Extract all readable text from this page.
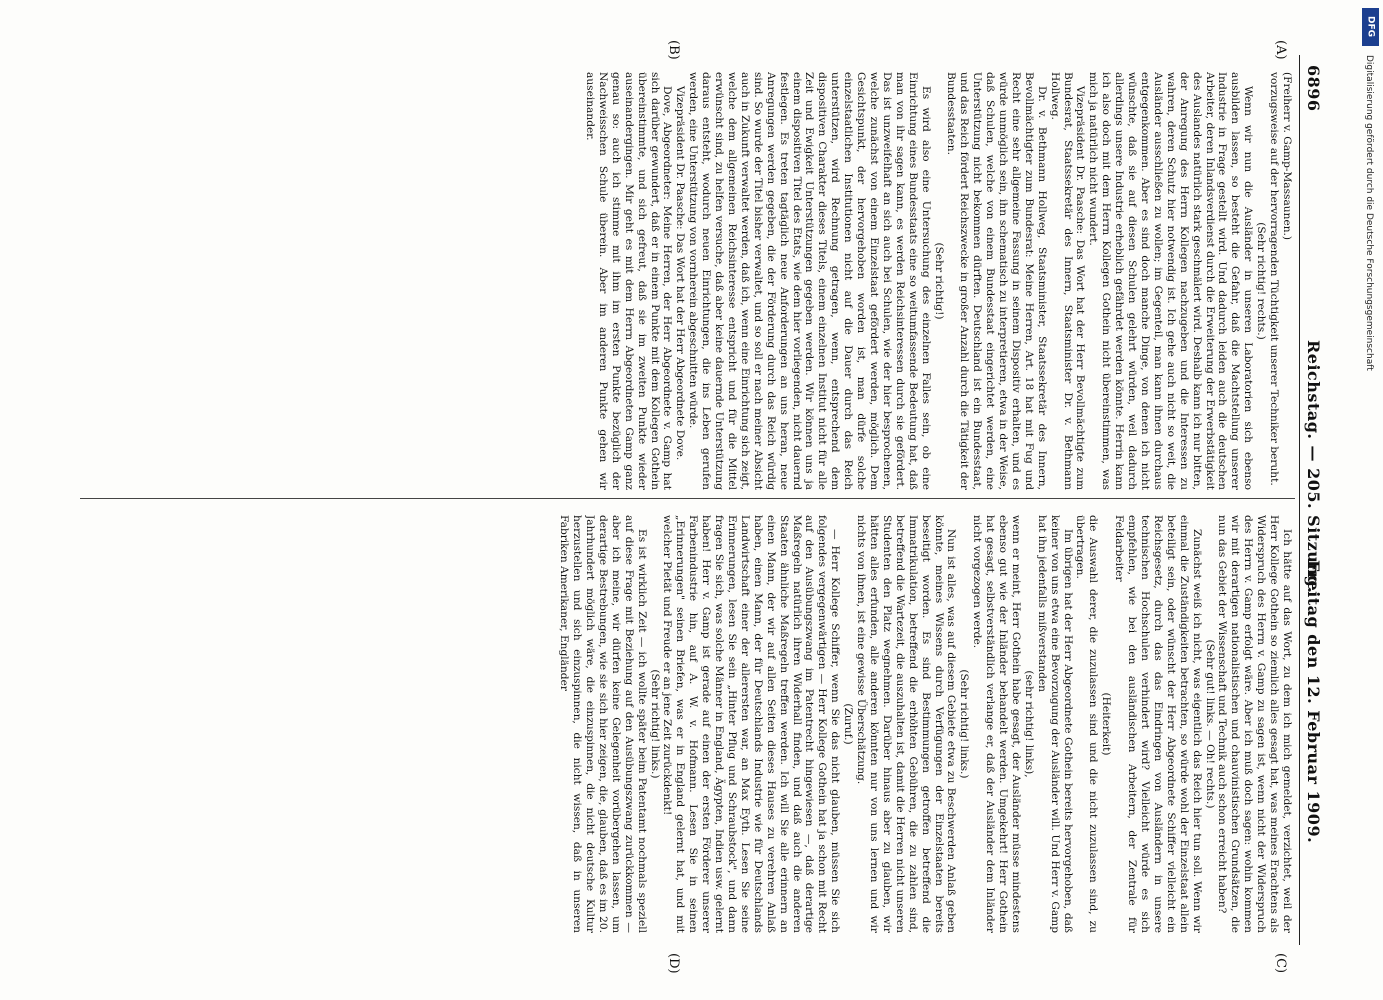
6896
Reichstag. — 205. Sitzung.
Freitag den 12. Februar 1909.
(A)
(B)
(C)
(D)

(Freiherr v. Gamp-Massaunen.)

vorzugsweise auf der hervorragenden Tüchtigkeit unserer Techniker beruht.

(Sehr richtig! rechts.)

Wenn wir nun die Ausländer in unseren Laboratorien sich ebenso ausbilden lassen, so besteht die Gefahr, daß die Machtstellung unserer Industrie in Frage gestellt wird. Und dadurch leiden auch die deutschen Arbeiter, deren Inlandsverdienst durch die Erweiterung der Erwerbstätigkeit des Auslandes natürlich stark geschmälert wird. Deshalb kann ich nur bitten, der Anregung des Herrn Kollegen nachzugeben und die Interessen zu wahren, deren Schutz hier notwendig ist. Ich gehe auch nicht so weit, die Ausländer ausschließen zu wollen; im Gegenteil, man kann ihnen durchaus entgegenkommen. Aber es sind doch manche Dinge, von denen ich nicht wünschte, daß sie auf diesen Schulen gelehrt würden, weil dadurch allerdings unsere Industrie erheblich gefährdet werden könnte. Herrin kann ich also doch mit dem Herrn Kollegen Gothein nicht übereinstimmen, was mich ja natürlich nicht wundert.

Vizepräsident Dr. Paasche: Das Wort hat der Herr Bevollmächtigte zum Bundesrat, Staatssekretär des Innern, Staatsminister Dr. v. Bethmann Hollweg.

Dr. v. Bethmann Hollweg, Staatsminister, Staatssekretär des Innern, Bevollmächtigter zum Bundesrat: Meine Herren, Art. 18 hat mit Fug und Recht eine sehr allgemeine Fassung in seinem Dispositiv erhalten, und es würde unmöglich sein, ihn schematisch zu interpretieren, etwa in der Weise, daß Schulen, welche von einem Bundesstaat eingerichtet werden, eine Unterstützung nicht bekommen dürften. Deutschland ist ein Bundesstaat, und das Reich fördert Reichszwecke in großer Anzahl durch die Tätigkeit der Bundesstaaten.

(Sehr richtig!)

Es wird also eine Untersuchung des einzelnen Falles sein, ob eine Einrichtung eines Bundesstaats eine so weitumfassende Bedeutung hat, daß man von ihr sagen kann, es werden Reichsinteressen durch sie gefördert. Das ist unzweifelhaft an sich auch bei Schulen, wie der hier besprochenen, welche zunächst von einem Einzelstaat gefördert werden, möglich. Dem Gesichtspunkt, der hervorgehoben worden ist, man dürfe solche einzelstaatlichen Institutionen nicht auf die Dauer durch das Reich unterstützen, wird Rechnung getragen, wenn, entsprechend dem dispositiven Charakter dieses Titels, einem einzelnen Institut nicht für alle Zeit und Ewigkeit Unterstützungen gegeben werden. Wir können uns ja einem dispositiven Titel des Etats, wie dem hier vorliegenden, nicht dauernd festlegen. Es treten tagtäglich neue Anforderungen an uns heran, neue Anregungen werden gegeben, die der Förderung durch das Reich würdig sind. So wurde der Titel bisher verwaltet, und so soll er nach meiner Absicht auch in Zukunft verwaltet werden, daß ich, wenn eine Einrichtung sich zeigt, welche dem allgemeinen Reichsinteresse entspricht und für die Mittel erwünscht sind, zu helfen versuche, daß aber keine dauernde Unterstützung daraus entsteht, wodurch neuen Einrichtungen, die ins Leben gerufen werden, eine Unterstützung von vornherein abgeschnitten würde.

Vizepräsident Dr. Paasche: Das Wort hat der Herr Abgeordnete Dove.

Dove, Abgeordneter: Meine Herren, der Herr Abgeordnete v. Gamp hat sich darüber gewundert, daß er in einem Punkte mit dem Kollegen Gothein übereinstimmte, und sich gefreut, daß sie im zweiten Punkte wieder auseinandergingen. Mir geht es mit dem Herrn Abgeordneten Gamp ganz genau so: auch ich stimme mit ihm im ersten Punkte bezüglich der Nachweisschen Schule überein. Aber im anderen Punkte gehen wir auseinander.

Ich hätte auf das Wort, zu dem ich mich gemeldet, verzichtet, weil der Herr Kollege Gothein so ziemlich alles gesagt hat, was meines Erachtens als Widerspruch des Herrn v. Gamp zu sagen ist, wenn nicht der Widerspruch des Herrn v. Gamp erfolgt wäre. Aber ich muß doch sagen: wohin kommen wir mit derartigen nationalistischen und chauvinistischen Grundsätzen, die nun das Gebiet der Wissenschaft und Technik auch schon erreicht haben?

(Sehr gut! links. — Oh! rechts.)

Zunächst weiß ich nicht, was eigentlich das Reich hier tun soll. Wenn wir einmal die Zuständigkeiten betrachten, so würde wohl der Einzelstaat allein beteiligt sein, oder wünscht der Herr Abgeordnete Schiffer vielleicht ein Reichsgesetz, durch das das Eindringen von Ausländern in unsere technischen Hochschulen verhindert wird? Vielleicht würde es sich empfehlen, wie bei den ausländischen Arbeitern, der Zentrale für Feldarbeiter

(Heiterkeit)

die Auswahl derer, die zuzulassen sind und die nicht zuzulassen sind, zu übertragen.

Im übrigen hat der Herr Abgeordnete Gothein bereits hervorgehoben, daß keiner von uns etwa eine Bevorzugung der Ausländer will. Und Herr v. Gamp hat ihn jedenfalls mißverstanden

(sehr richtig! links),

wenn er meint, Herr Gothein habe gesagt, der Ausländer müsse mindestens ebenso gut wie der Inländer behandelt werden. Umgekehrt! Herr Gothein hat gesagt, selbstverständlich verlange er, daß der Ausländer dem Inländer nicht vorgezogen werde.

(Sehr richtig! links.)

Nun ist alles, was auf diesem Gebiete etwa zu Beschwerden Anlaß geben könnte, meines Wissens durch Verfügungen der Einzelstaaten bereits beseitigt worden. Es sind Bestimmungen getroffen betreffend die Immatrikulation, betreffend die erhöhten Gebühren, die zu zahlen sind, betreffend die Wartezeit, die auszuhalten ist, damit die Herren nicht unseren Studenten den Platz wegnehmen. Darüber hinaus aber zu glauben, wir hätten alles erfunden, alle anderen könnten nur von uns lernen und wir nichts von ihnen, ist eine gewisse Überschätzung.

(Zuruf.)

— Herr Kollege Schiffer, wenn Sie das nicht glauben, müssen Sie sich folgendes vergegenwärtigen — Herr Kollege Gothein hat ja schon mit Recht auf den Ausübungszwang im Patentrecht hingewiesen —, daß derartige Maßregeln natürlich ihren Widerhall finden, und daß auch die anderen Staaten ähnliche Maßregeln treffen werden. Ich will Sie alle erinnern an einen Mann, der wir auf allen Seiten dieses Hauses zu verehren Anlaß haben, einen Mann, der für Deutschlands Industrie wie für Deutschlands Landwirtschaft einer der allerersten war, an Max Eyth. Lesen Sie seine Erinnerungen, lesen Sie sein „Hinter Pflug und Schraubstock", und dann fragen Sie sich, was solche Männer in England, Ägypten, Indien usw. gelernt haben! Herr v. Gamp ist gerade auf einen der ersten Förderer unserer Farbenindustrie hin, auf A. W. v. Hofmann. Lesen Sie in seinen „Erinnerungen" seinen Briefen, was er in England gelernt hat, und mit welcher Pietät und Freude er an jene Zeit zurückdenkt!

(Sehr richtig! links.)

Es ist wirklich Zeit — ich wollte später beim Patentamt nochmals speziell auf diese Frage mit Beziehung auf den Ausübungszwang zurückkommen — aber ich meine, wir dürfen keine Gelegenheit vorübergehen lassen, um derartige Bestrebungen, wie sie sich hier zeigen, die, glauben, daß es im 20. Jahrhundert möglich wäre, die einzuspinnen, die nicht deutsche Kultur herzustellen und sich einzuspinnen, die nicht wissen, daß in unseren Fabriken Amerikaner, Engländer

DFG
Digitalisierung gefördert durch die Deutsche Forschungsgemeinschaft
